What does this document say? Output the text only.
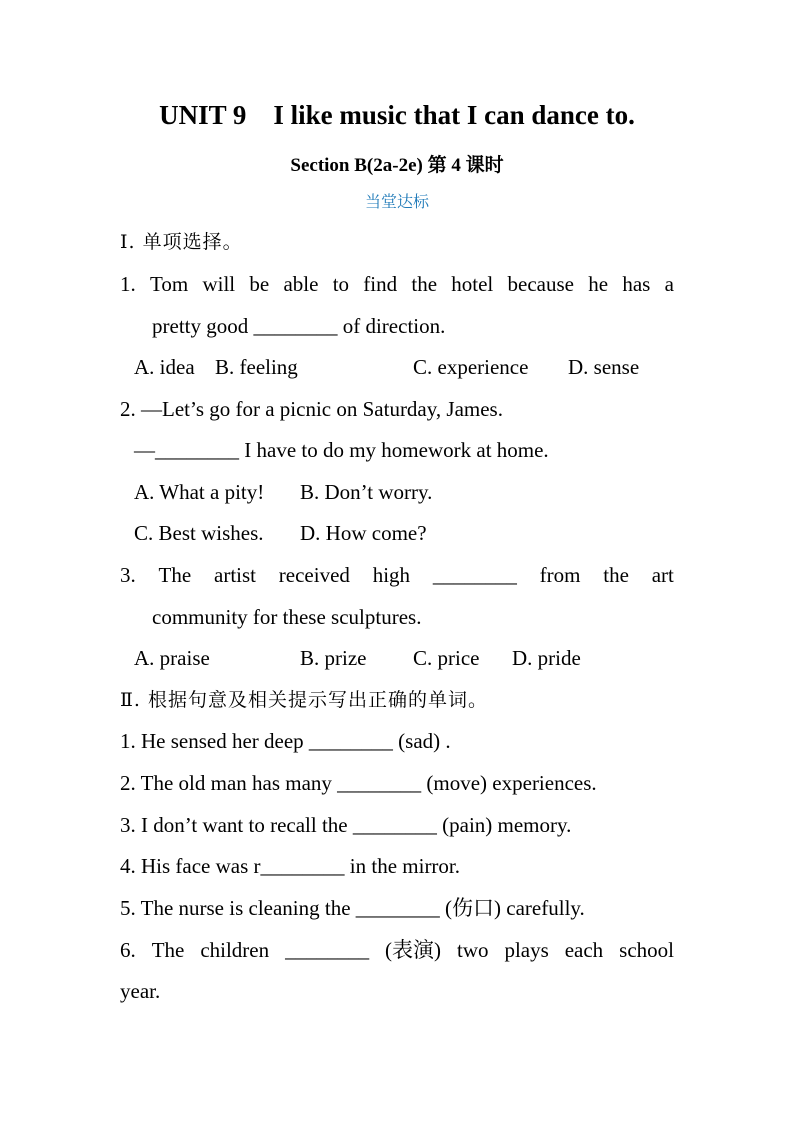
UNIT 9    I like music that I can dance to.
Section B(2a-2e) 第 4 课时
当堂达标
Ⅰ. 单项选择。
1. Tom will be able to find the hotel because he has a
pretty good ________ of direction.
A. idea B. feeling	C. experience D. sense
2. —Let’s go for a picnic on Saturday, James.
—________ I have to do my homework at home.
A. What a pity! B. Don’t worry.
C. Best wishes. D. How come?
3. The artist received high ________ from the art
community for these sculptures.
A. praise	B. prize C. price D. pride
Ⅱ. 根据句意及相关提示写出正确的单词。
1. He sensed her deep ________ (sad) .
2. The old man has many ________ (move) experiences.
3. I don’t want to recall the ________ (pain) memory.
4. His face was r________ in the mirror.
5. The nurse is cleaning the ________ (伤口) carefully.
6. The children ________ (表演) two plays each school
year.
